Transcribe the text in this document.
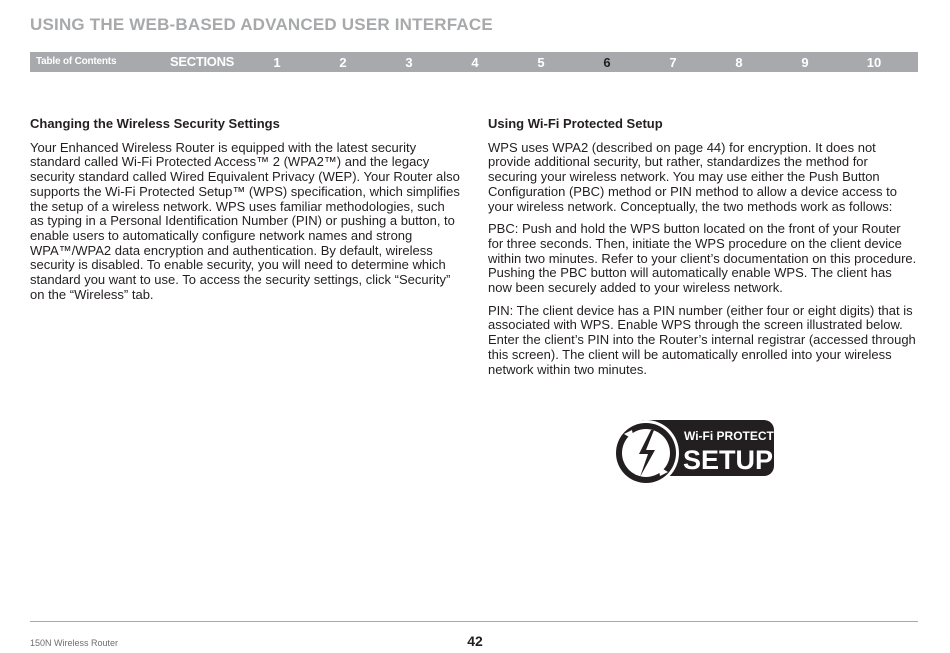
USING THE WEB-BASED ADVANCED USER INTERFACE
Table of Contents	SECTIONS	1	2	3	4	5	6	7	8	9	10
Changing the Wireless Security Settings

Your Enhanced Wireless Router is equipped with the latest security standard called Wi-Fi Protected Access™ 2 (WPA2™) and the legacy security standard called Wired Equivalent Privacy (WEP). Your Router also supports the Wi-Fi Protected Setup™ (WPS) specification, which simplifies the setup of a wireless network. WPS uses familiar methodologies, such as typing in a Personal Identification Number (PIN) or pushing a button, to enable users to automatically configure network names and strong WPA™/WPA2 data encryption and authentication. By default, wireless security is disabled. To enable security, you will need to determine which standard you want to use. To access the security settings, click “Security” on the “Wireless” tab.

Using Wi-Fi Protected Setup

WPS uses WPA2 (described on page 44) for encryption. It does not provide additional security, but rather, standardizes the method for securing your wireless network. You may use either the Push Button Configuration (PBC) method or PIN method to allow a device access to your wireless network. Conceptually, the two methods work as follows:

PBC: Push and hold the WPS button located on the front of your Router for three seconds. Then, initiate the WPS procedure on the client device within two minutes. Refer to your client’s documentation on this procedure. Pushing the PBC button will automatically enable WPS. The client has now been securely added to your wireless network.

PIN: The client device has a PIN number (either four or eight digits) that is associated with WPS. Enable WPS through the screen illustrated below. Enter the client’s PIN into the Router’s internal registrar (accessed through this screen). The client will be automatically enrolled into your wireless network within two minutes.

Wi-Fi PROTECTED
SETUP
150N Wireless Router	42
